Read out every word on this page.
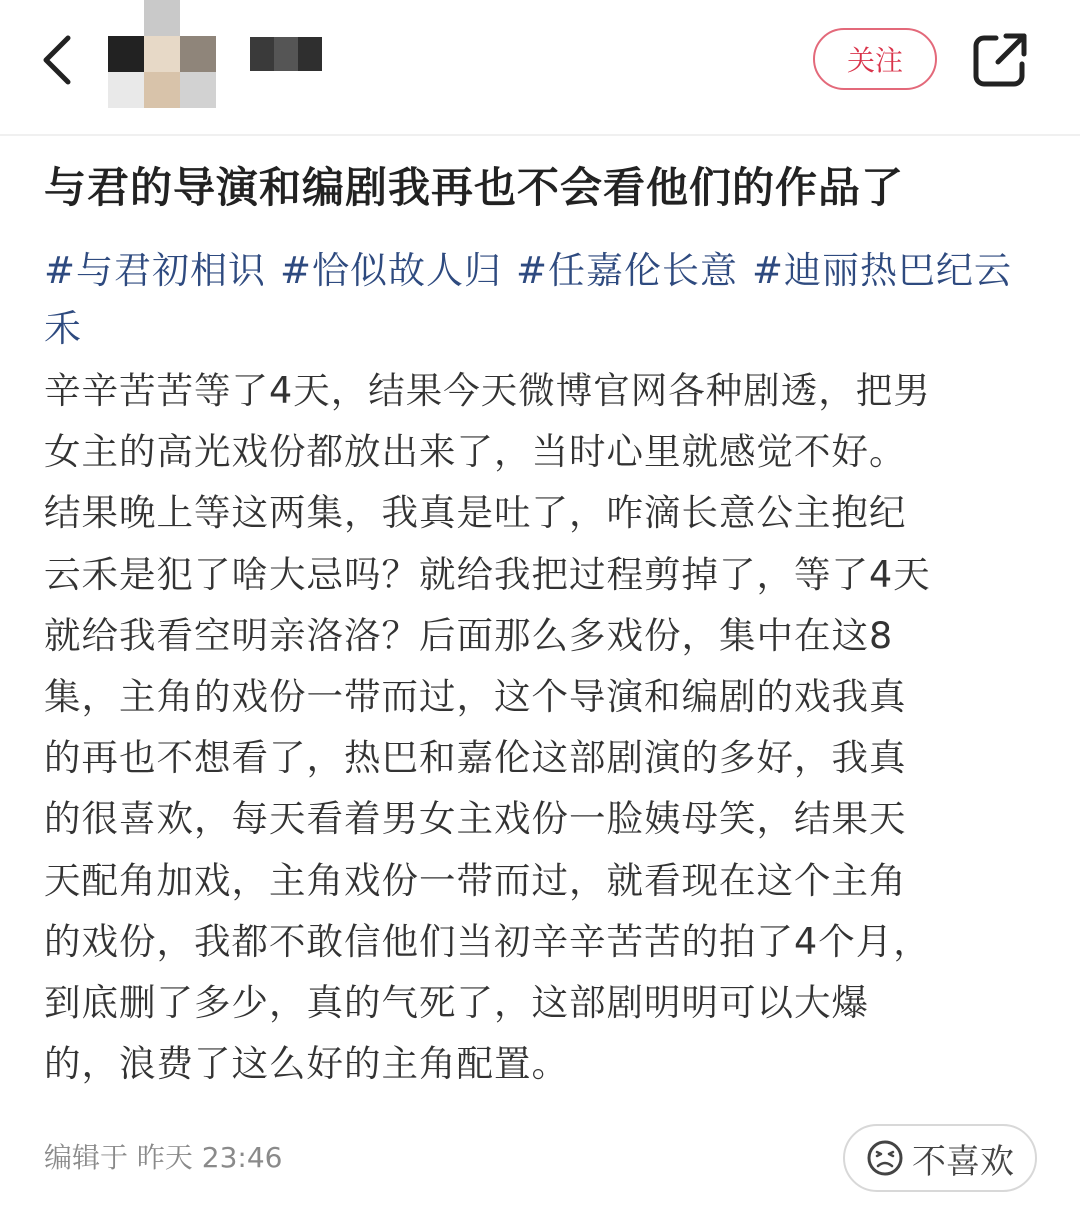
关注
与君的导演和编剧我再也不会看他们的作品了
#与君初相识 #恰似故人归 #任嘉伦长意 #迪丽热巴纪云禾
辛辛苦苦等了4天，结果今天微博官网各种剧透，把男
女主的高光戏份都放出来了，当时心里就感觉不好。
结果晚上等这两集，我真是吐了，咋滴长意公主抱纪
云禾是犯了啥大忌吗？就给我把过程剪掉了，等了4天
就给我看空明亲洛洛？后面那么多戏份，集中在这8
集，主角的戏份一带而过，这个导演和编剧的戏我真
的再也不想看了，热巴和嘉伦这部剧演的多好，我真
的很喜欢，每天看着男女主戏份一脸姨母笑，结果天
天配角加戏，主角戏份一带而过，就看现在这个主角
的戏份，我都不敢信他们当初辛辛苦苦的拍了4个月，
到底删了多少，真的气死了，这部剧明明可以大爆
的，浪费了这么好的主角配置。
编辑于 昨天 23:46	不喜欢
